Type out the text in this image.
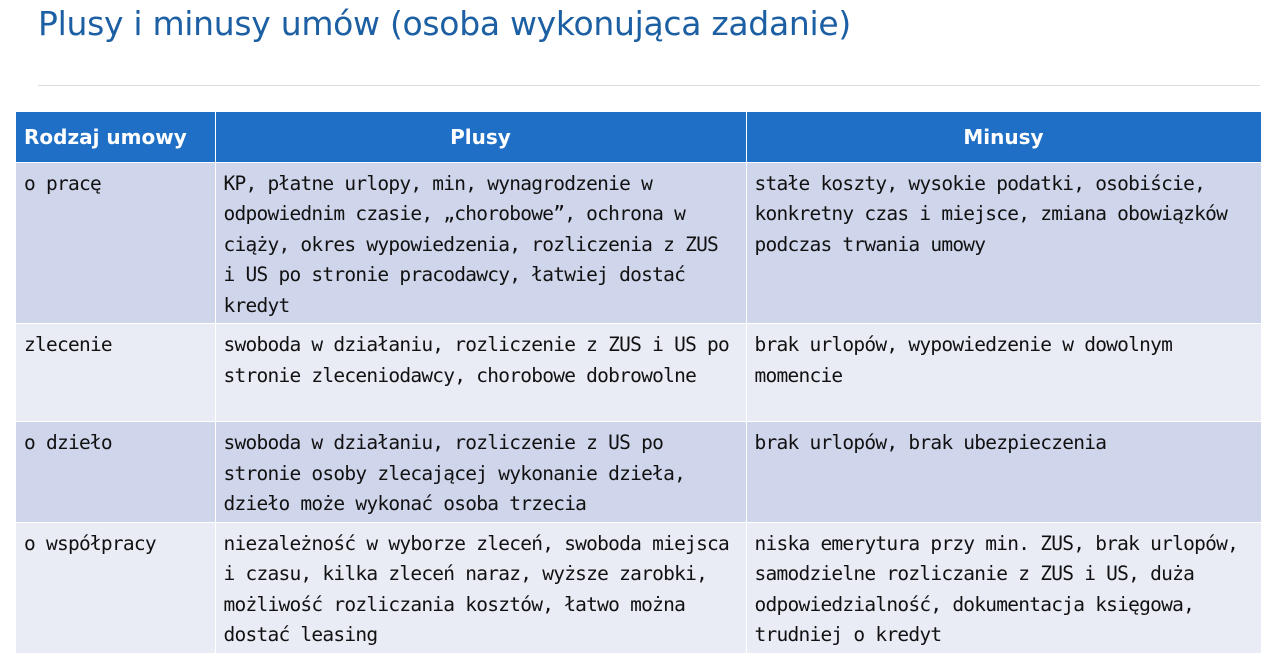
Plusy i minusy umów (osoba wykonująca zadanie)
Rodzaj umowy	Plusy	Minusy
o pracę	KP, płatne urlopy, min, wynagrodzenie w odpowiednim czasie, „chorobowe”, ochrona w ciąży, okres wypowiedzenia, rozliczenia z ZUS i US po stronie pracodawcy, łatwiej dostać kredyt	stałe koszty, wysokie podatki, osobiście, konkretny czas i miejsce, zmiana obowiązków podczas trwania umowy
zlecenie	swoboda w działaniu, rozliczenie z ZUS i US po stronie zleceniodawcy, chorobowe dobrowolne	brak urlopów, wypowiedzenie w dowolnym momencie
o dzieło	swoboda w działaniu, rozliczenie z US po stronie osoby zlecającej wykonanie dzieła, dzieło może wykonać osoba trzecia	brak urlopów, brak ubezpieczenia
o współpracy	niezależność w wyborze zleceń, swoboda miejsca i czasu, kilka zleceń naraz, wyższe zarobki, możliwość rozliczania kosztów, łatwo można dostać leasing	niska emerytura przy min. ZUS, brak urlopów, samodzielne rozliczanie z ZUS i US, duża odpowiedzialność, dokumentacja księgowa, trudniej o kredyt
